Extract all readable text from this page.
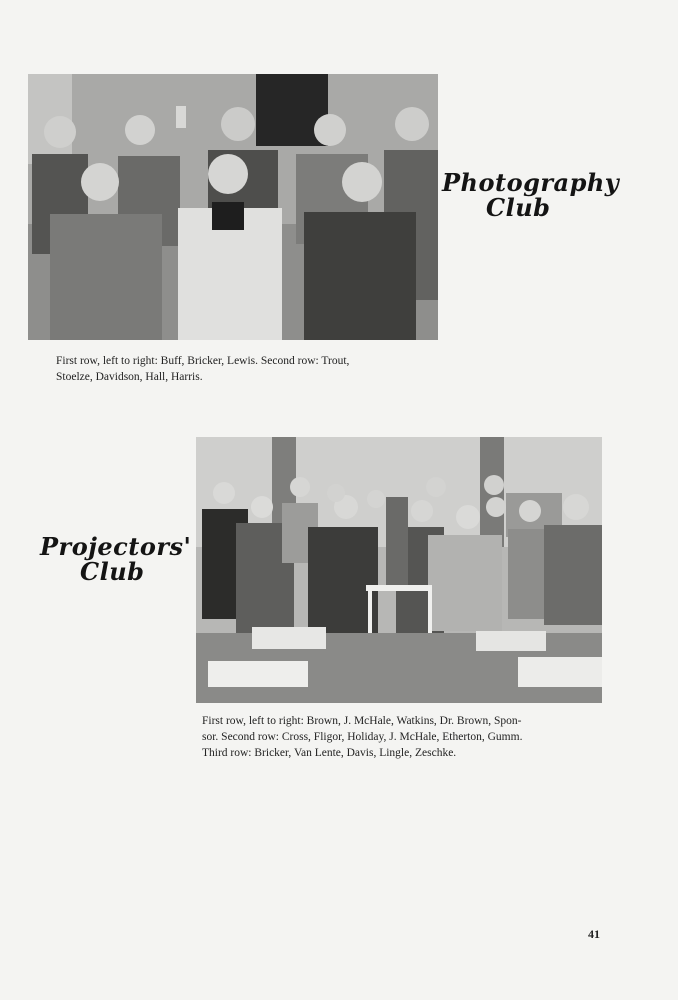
Photography
Club
First row, left to right: Buff, Bricker, Lewis. Second row: Trout,
Stoelze, Davidson, Hall, Harris.
Projectors'
Club
First row, left to right: Brown, J. McHale, Watkins, Dr. Brown, Spon-
sor. Second row: Cross, Fligor, Holiday, J. McHale, Etherton, Gumm.
Third row: Bricker, Van Lente, Davis, Lingle, Zeschke.
41
